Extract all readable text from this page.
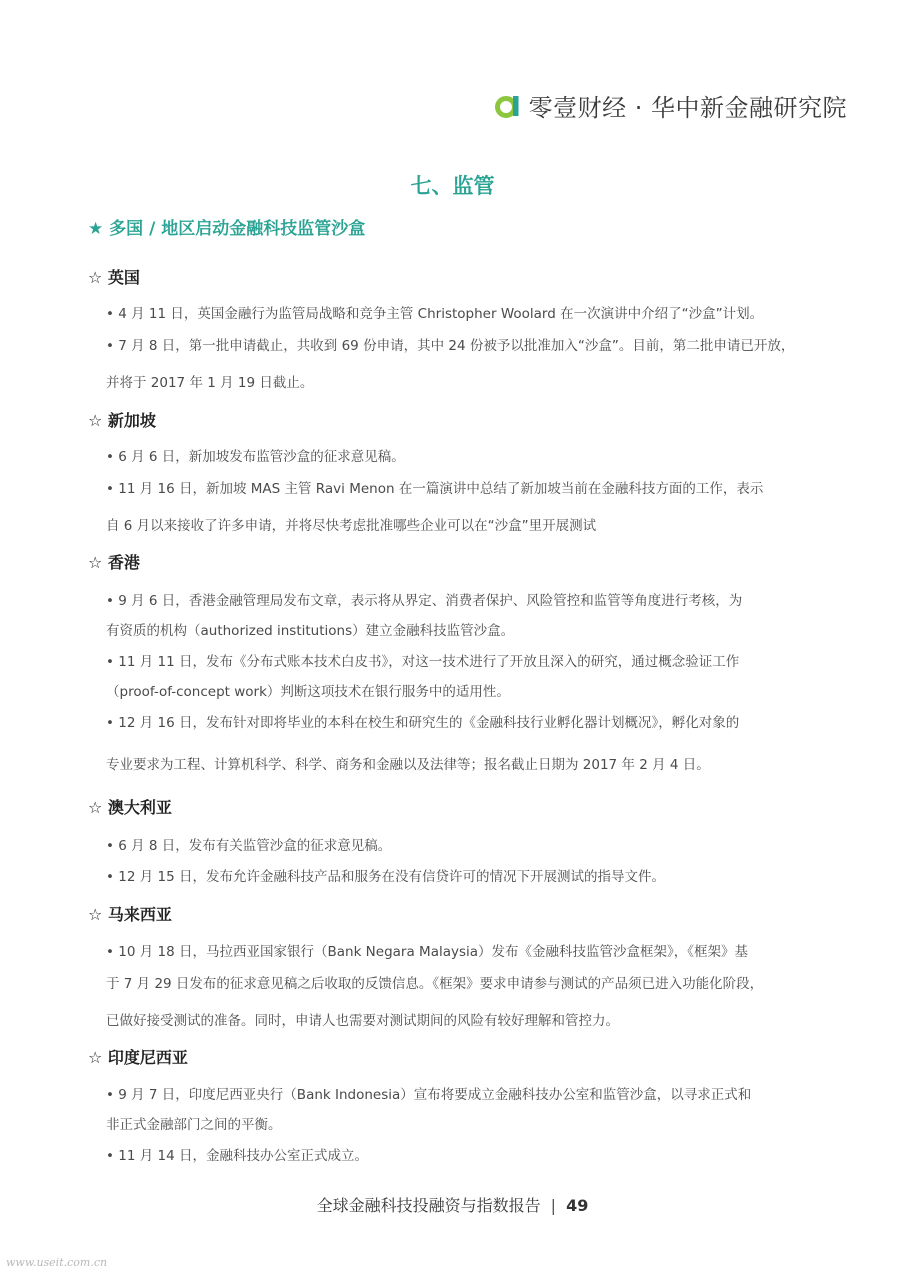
零壹财经 · 华中新金融研究院
七、监管
★ 多国 / 地区启动金融科技监管沙盒
☆ 英国
• 4 月 11 日，英国金融行为监管局战略和竞争主管 Christopher Woolard 在一次演讲中介绍了“沙盒”计划。
• 7 月 8 日，第一批申请截止，共收到 69 份申请，其中 24 份被予以批准加入“沙盒”。目前，第二批申请已开放，
并将于 2017 年 1 月 19 日截止。
☆ 新加坡
• 6 月 6 日，新加坡发布监管沙盒的征求意见稿。
• 11 月 16 日，新加坡 MAS 主管 Ravi Menon 在一篇演讲中总结了新加坡当前在金融科技方面的工作，表示
自 6 月以来接收了许多申请，并将尽快考虑批准哪些企业可以在“沙盒”里开展测试
☆ 香港
• 9 月 6 日，香港金融管理局发布文章，表示将从界定、消费者保护、风险管控和监管等角度进行考核，为
有资质的机构（authorized institutions）建立金融科技监管沙盒。
• 11 月 11 日，发布《分布式账本技术白皮书》，对这一技术进行了开放且深入的研究，通过概念验证工作
（proof-of-concept work）判断这项技术在银行服务中的适用性。
• 12 月 16 日，发布针对即将毕业的本科在校生和研究生的《金融科技行业孵化器计划概况》，孵化对象的
专业要求为工程、计算机科学、科学、商务和金融以及法律等；报名截止日期为 2017 年 2 月 4 日。
☆ 澳大利亚
• 6 月 8 日，发布有关监管沙盒的征求意见稿。
• 12 月 15 日，发布允许金融科技产品和服务在没有信贷许可的情况下开展测试的指导文件。
☆ 马来西亚
• 10 月 18 日，马拉西亚国家银行（Bank Negara Malaysia）发布《金融科技监管沙盒框架》，《框架》基
于 7 月 29 日发布的征求意见稿之后收取的反馈信息。《框架》要求申请参与测试的产品须已进入功能化阶段，
已做好接受测试的准备。同时，申请人也需要对测试期间的风险有较好理解和管控力。
☆ 印度尼西亚
• 9 月 7 日，印度尼西亚央行（Bank Indonesia）宣布将要成立金融科技办公室和监管沙盒，以寻求正式和
非正式金融部门之间的平衡。
• 11 月 14 日，金融科技办公室正式成立。
全球金融科技投融资与指数报告 | 49
www.useit.com.cn
